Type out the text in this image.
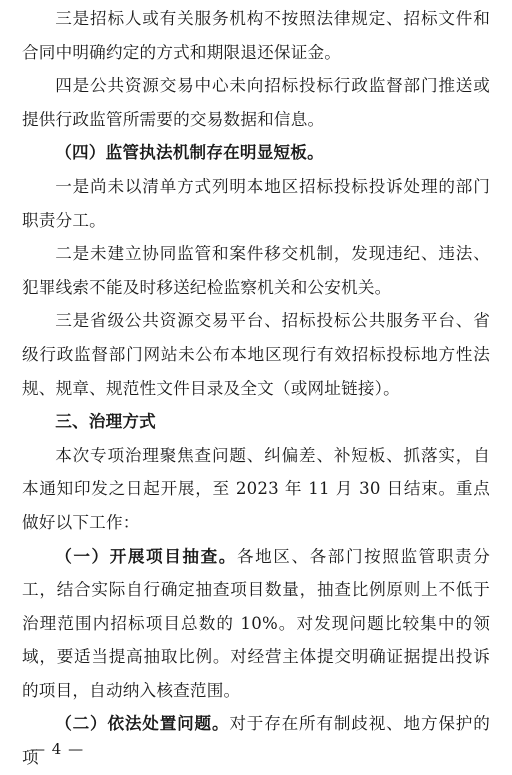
三是招标人或有关服务机构不按照法律规定、招标文件和合同中明确约定的方式和期限退还保证金。

四是公共资源交易中心未向招标投标行政监督部门推送或提供行政监管所需要的交易数据和信息。

（四）监管执法机制存在明显短板。

一是尚未以清单方式列明本地区招标投标投诉处理的部门职责分工。

二是未建立协同监管和案件移交机制，发现违纪、违法、犯罪线索不能及时移送纪检监察机关和公安机关。

三是省级公共资源交易平台、招标投标公共服务平台、省级行政监督部门网站未公布本地区现行有效招标投标地方性法规、规章、规范性文件目录及全文（或网址链接）。

三、治理方式

本次专项治理聚焦查问题、纠偏差、补短板、抓落实，自本通知印发之日起开展，至 2023 年 11 月 30 日结束。重点做好以下工作：

（一）开展项目抽查。各地区、各部门按照监管职责分工，结合实际自行确定抽查项目数量，抽查比例原则上不低于治理范围内招标项目总数的 10%。对发现问题比较集中的领域，要适当提高抽取比例。对经营主体提交明确证据提出投诉的项目，自动纳入核查范围。

（二）依法处置问题。对于存在所有制歧视、地方保护的项

— 4 —
